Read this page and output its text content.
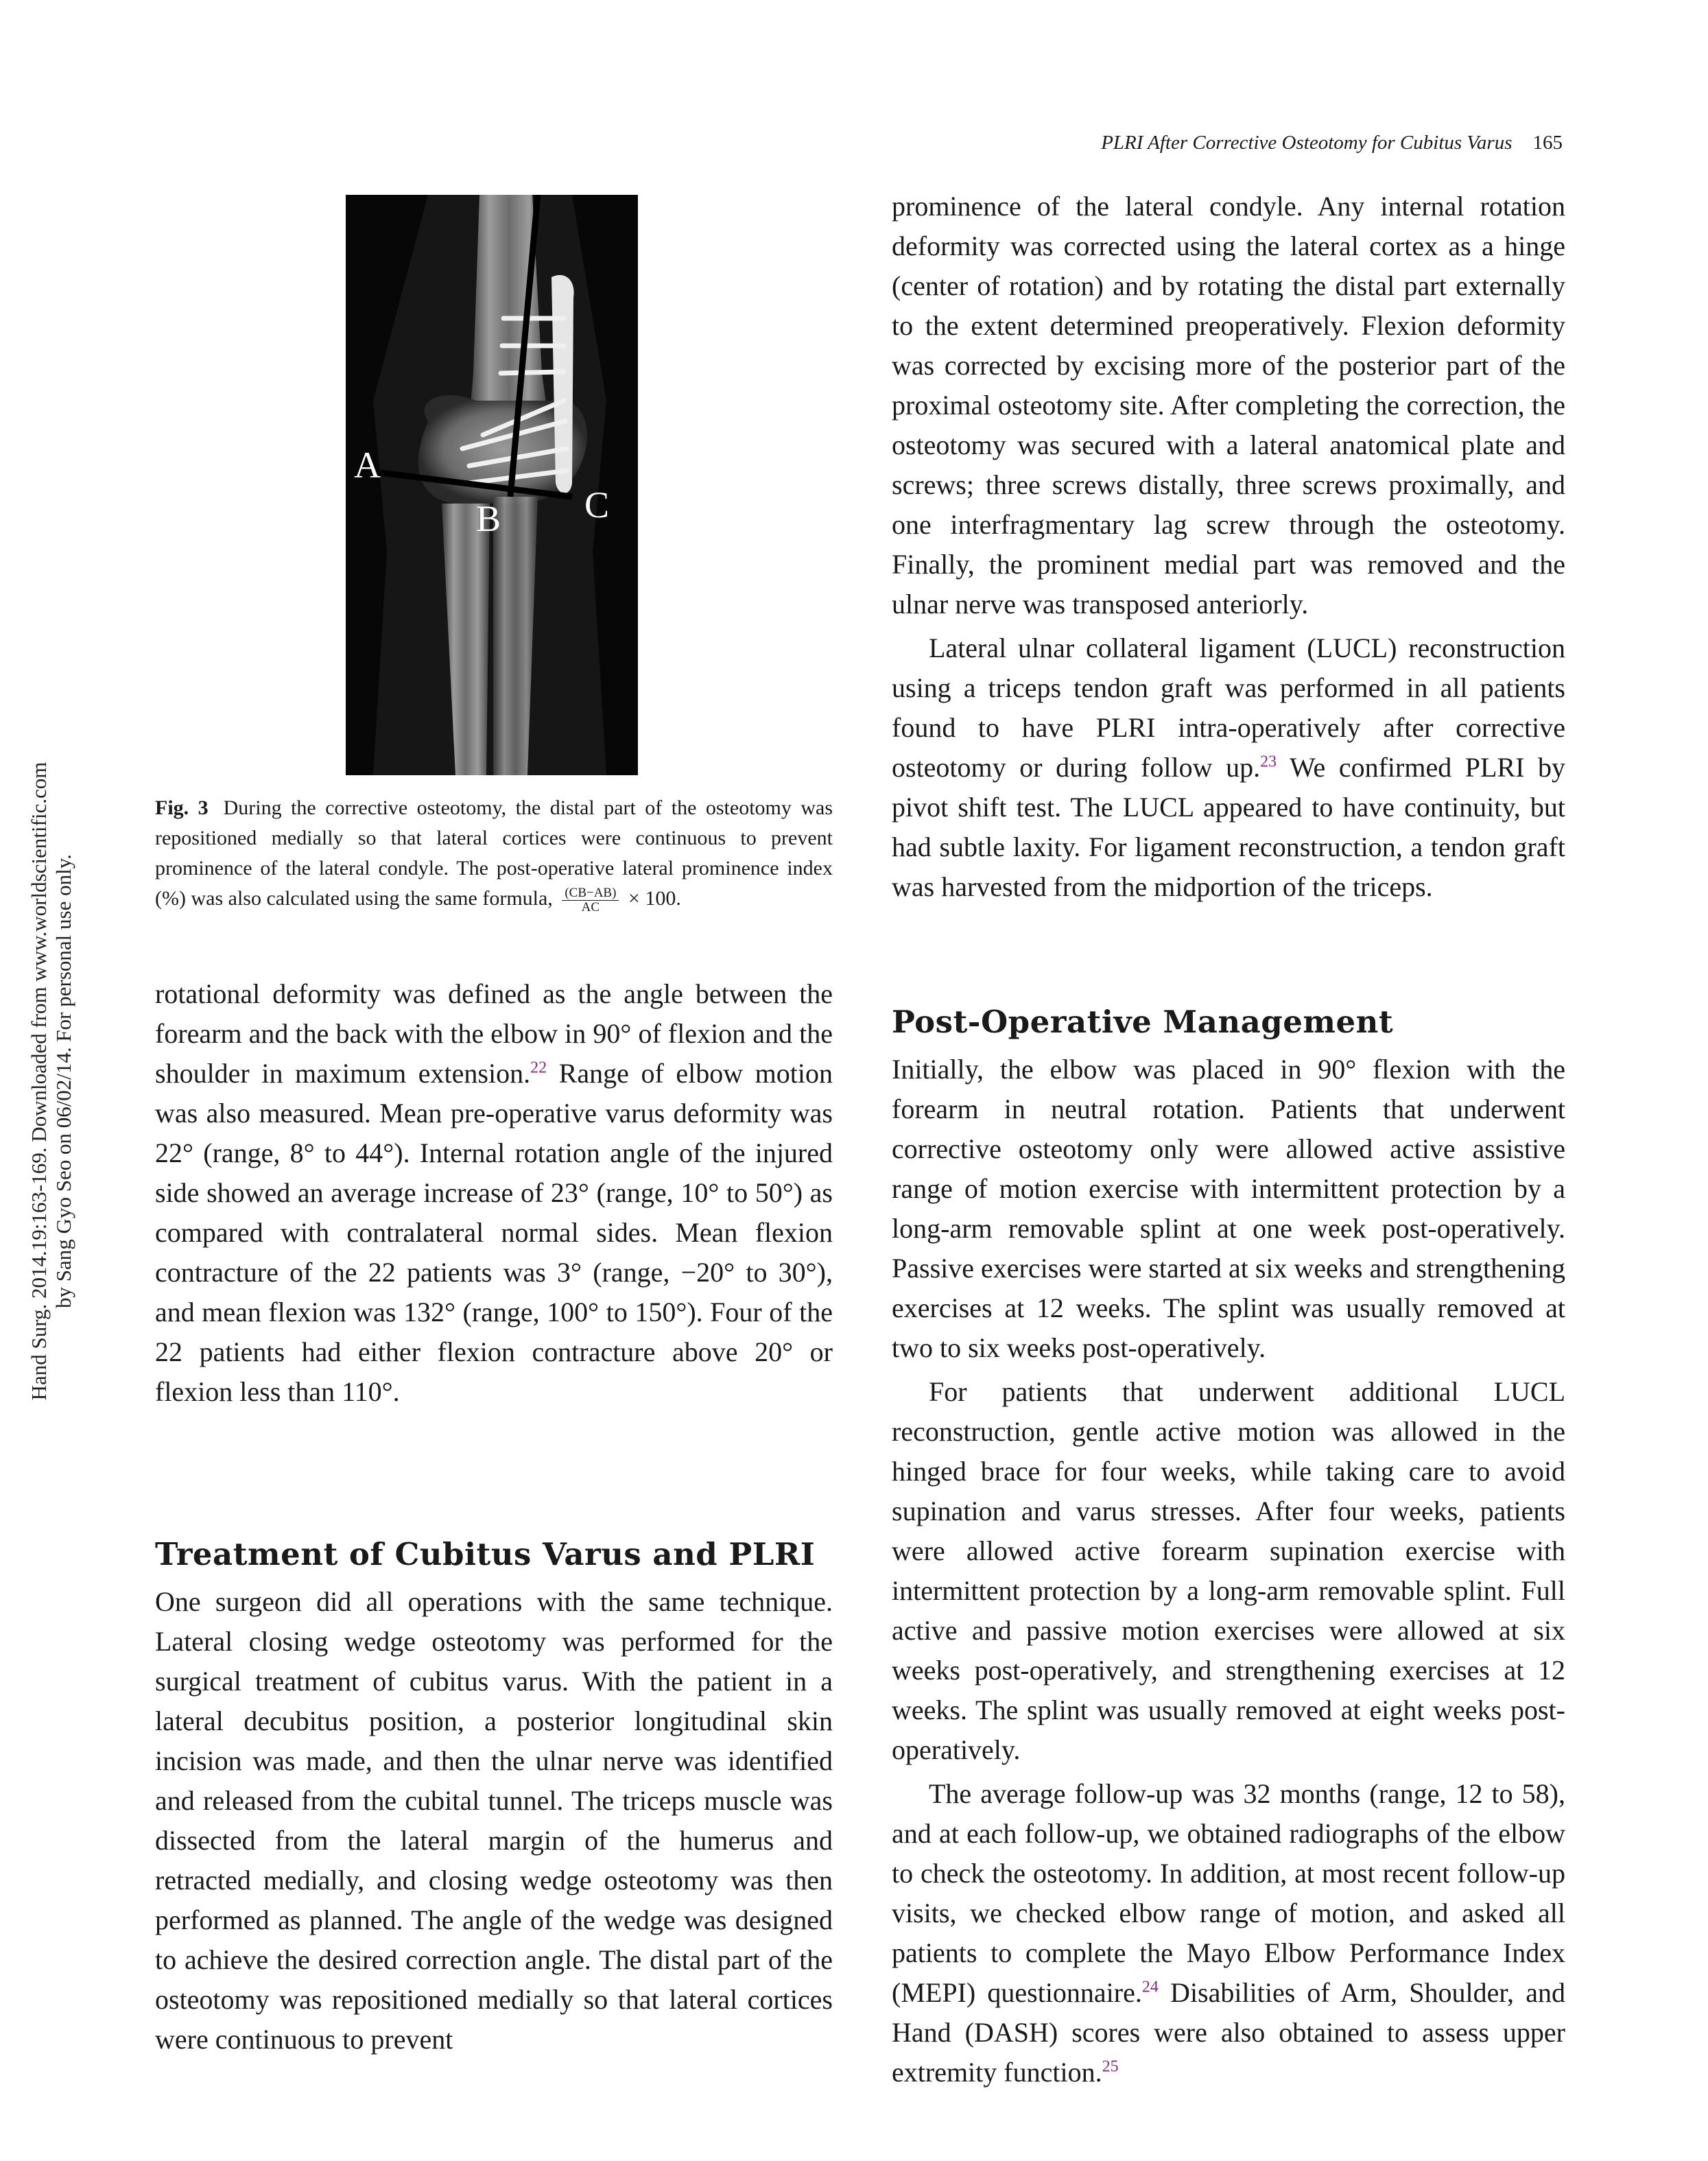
PLRI After Corrective Osteotomy for Cubitus Varus 165
Hand Surg. 2014.19:163-169. Downloaded from www.worldscientific.com by Sang Gyo Seo on 06/02/14. For personal use only.
A
B C
Fig. 3 During the corrective osteotomy, the distal part of the osteotomy was repositioned medially so that lateral cortices were continuous to prevent prominence of the lateral condyle. The post-operative lateral prominence index (%) was also calculated using the same formula, $\frac{(CB-AB)}{AC} \times 100$.

rotational deformity was defined as the angle between the forearm and the back with the elbow in 90° of flexion and the shoulder in maximum extension.$^{22}$ Range of elbow motion was also measured. Mean pre-operative varus deformity was 22° (range, 8° to 44°). Internal rotation angle of the injured side showed an average increase of 23° (range, 10° to 50°) as compared with contralateral normal sides. Mean flexion contracture of the 22 patients was 3° (range, −20° to 30°), and mean flexion was 132° (range, 100° to 150°). Four of the 22 patients had either flexion contracture above 20° or flexion less than 110°.

Treatment of Cubitus Varus and PLRI

One surgeon did all operations with the same technique. Lateral closing wedge osteotomy was performed for the surgical treatment of cubitus varus. With the patient in a lateral decubitus position, a posterior longitudinal skin incision was made, and then the ulnar nerve was identified and released from the cubital tunnel. The triceps muscle was dissected from the lateral margin of the humerus and retracted medially, and closing wedge osteotomy was then performed as planned. The angle of the wedge was designed to achieve the desired correction angle. The distal part of the osteotomy was repositioned medially so that lateral cortices were continuous to prevent

prominence of the lateral condyle. Any internal rotation deformity was corrected using the lateral cortex as a hinge (center of rotation) and by rotating the distal part externally to the extent determined preoperatively. Flexion deformity was corrected by excising more of the posterior part of the proximal osteotomy site. After completing the correction, the osteotomy was secured with a lateral anatomical plate and screws; three screws distally, three screws proximally, and one interfragmentary lag screw through the osteotomy. Finally, the prominent medial part was removed and the ulnar nerve was transposed anteriorly.

Lateral ulnar collateral ligament (LUCL) reconstruction using a triceps tendon graft was performed in all patients found to have PLRI intra-operatively after corrective osteotomy or during follow up.$^{23}$ We confirmed PLRI by pivot shift test. The LUCL appeared to have continuity, but had subtle laxity. For ligament reconstruction, a tendon graft was harvested from the midportion of the triceps.

Post-Operative Management

Initially, the elbow was placed in 90° flexion with the forearm in neutral rotation. Patients that underwent corrective osteotomy only were allowed active assistive range of motion exercise with intermittent protection by a long-arm removable splint at one week post-operatively. Passive exercises were started at six weeks and strengthening exercises at 12 weeks. The splint was usually removed at two to six weeks post-operatively.

For patients that underwent additional LUCL reconstruction, gentle active motion was allowed in the hinged brace for four weeks, while taking care to avoid supination and varus stresses. After four weeks, patients were allowed active forearm supination exercise with intermittent protection by a long-arm removable splint. Full active and passive motion exercises were allowed at six weeks post-operatively, and strengthening exercises at 12 weeks. The splint was usually removed at eight weeks post-operatively.

The average follow-up was 32 months (range, 12 to 58), and at each follow-up, we obtained radiographs of the elbow to check the osteotomy. In addition, at most recent follow-up visits, we checked elbow range of motion, and asked all patients to complete the Mayo Elbow Performance Index (MEPI) questionnaire.$^{24}$ Disabilities of Arm, Shoulder, and Hand (DASH) scores were also obtained to assess upper extremity function.$^{25}$
